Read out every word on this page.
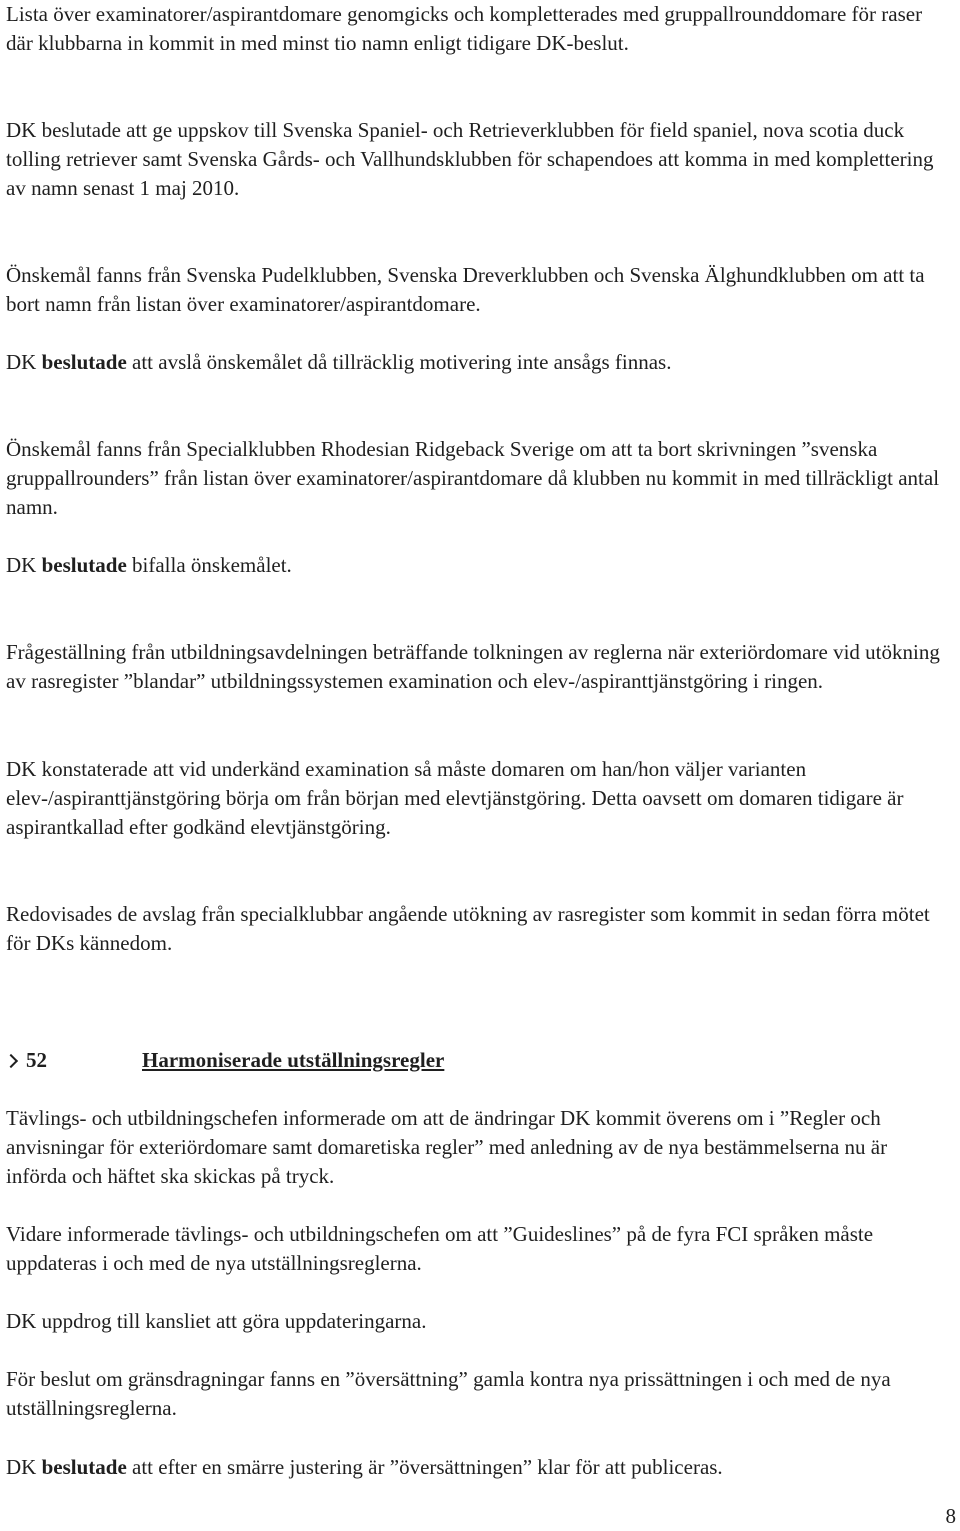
Lista över examinatorer/aspirantdomare genomgicks och kompletterades med gruppallrounddomare för raser där klubbarna in kommit in med minst tio namn enligt tidigare DK-beslut.

DK beslutade att ge uppskov till Svenska Spaniel- och Retrieverklubben för field spaniel, nova scotia duck tolling retriever samt Svenska Gårds- och Vallhundsklubben för schapendoes att komma in med komplettering av namn senast 1 maj 2010.

Önskemål fanns från Svenska Pudelklubben, Svenska Dreverklubben och Svenska Älghundklubben om att ta bort namn från listan över examinatorer/aspirantdomare.

DK beslutade att avslå önskemålet då tillräcklig motivering inte ansågs finnas.

Önskemål fanns från Specialklubben Rhodesian Ridgeback Sverige om att ta bort skrivningen ”svenska gruppallrounders” från listan över examinatorer/aspirantdomare då klubben nu kommit in med tillräckligt antal namn.

DK beslutade bifalla önskemålet.

Frågeställning från utbildningsavdelningen beträffande tolkningen av reglerna när exteriördomare vid utökning av rasregister ”blandar” utbildningssystemen examination och elev-/aspiranttjänstgöring i ringen.

DK konstaterade att vid underkänd examination så måste domaren om han/hon väljer varianten elev-/aspiranttjänstgöring börja om från början med elevtjänstgöring. Detta oavsett om domaren tidigare är aspirantkallad efter godkänd elevtjänstgöring.

Redovisades de avslag från specialklubbar angående utökning av rasregister som kommit in sedan förra mötet för DKs kännedom.

52	Harmoniserade utställningsregler

Tävlings- och utbildningschefen informerade om att de ändringar DK kommit överens om i ”Regler och anvisningar för exteriördomare samt domaretiska regler” med anledning av de nya bestämmelserna nu är införda och häftet ska skickas på tryck.

Vidare informerade tävlings- och utbildningschefen om att ”Guideslines” på de fyra FCI språken måste uppdateras i och med de nya utställningsreglerna.

DK uppdrog till kansliet att göra uppdateringarna.

För beslut om gränsdragningar fanns en ”översättning” gamla kontra nya prissättningen i och med de nya utställningsreglerna.

DK beslutade att efter en smärre justering är ”översättningen” klar för att publiceras.

8
